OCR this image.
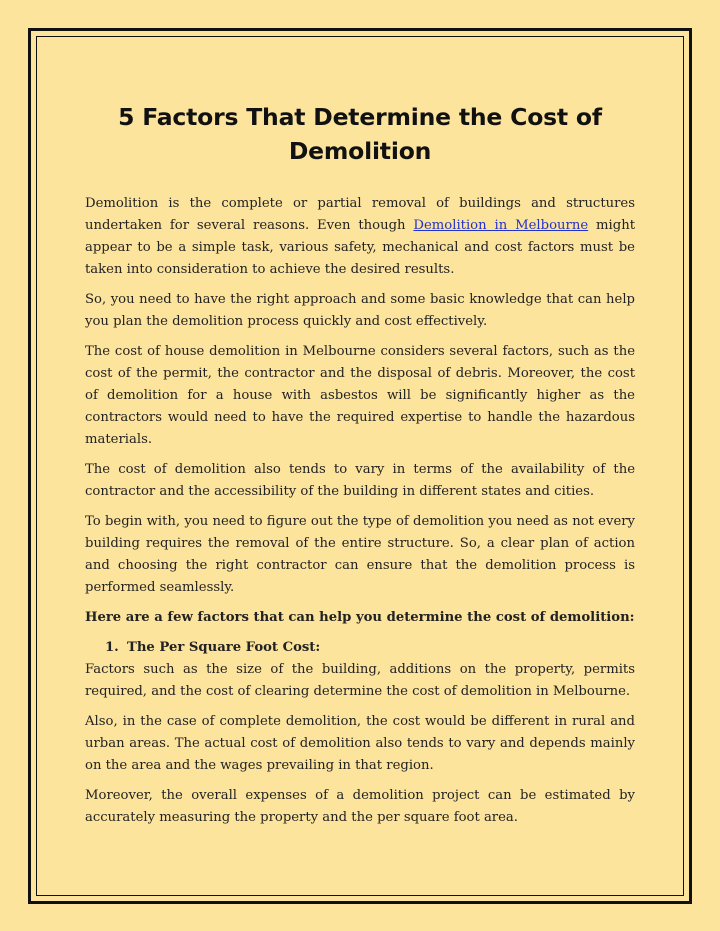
5 Factors That Determine the Cost of Demolition

Demolition is the complete or partial removal of buildings and structures undertaken for several reasons. Even though Demolition in Melbourne might appear to be a simple task, various safety, mechanical and cost factors must be taken into consideration to achieve the desired results.

So, you need to have the right approach and some basic knowledge that can help you plan the demolition process quickly and cost effectively.

The cost of house demolition in Melbourne considers several factors, such as the cost of the permit, the contractor and the disposal of debris. Moreover, the cost of demolition for a house with asbestos will be significantly higher as the contractors would need to have the required expertise to handle the hazardous materials.

The cost of demolition also tends to vary in terms of the availability of the contractor and the accessibility of the building in different states and cities.

To begin with, you need to figure out the type of demolition you need as not every building requires the removal of the entire structure. So, a clear plan of action and choosing the right contractor can ensure that the demolition process is performed seamlessly.

Here are a few factors that can help you determine the cost of demolition:

1. The Per Square Foot Cost:

Factors such as the size of the building, additions on the property, permits required, and the cost of clearing determine the cost of demolition in Melbourne.

Also, in the case of complete demolition, the cost would be different in rural and urban areas. The actual cost of demolition also tends to vary and depends mainly on the area and the wages prevailing in that region.

Moreover, the overall expenses of a demolition project can be estimated by accurately measuring the property and the per square foot area.
